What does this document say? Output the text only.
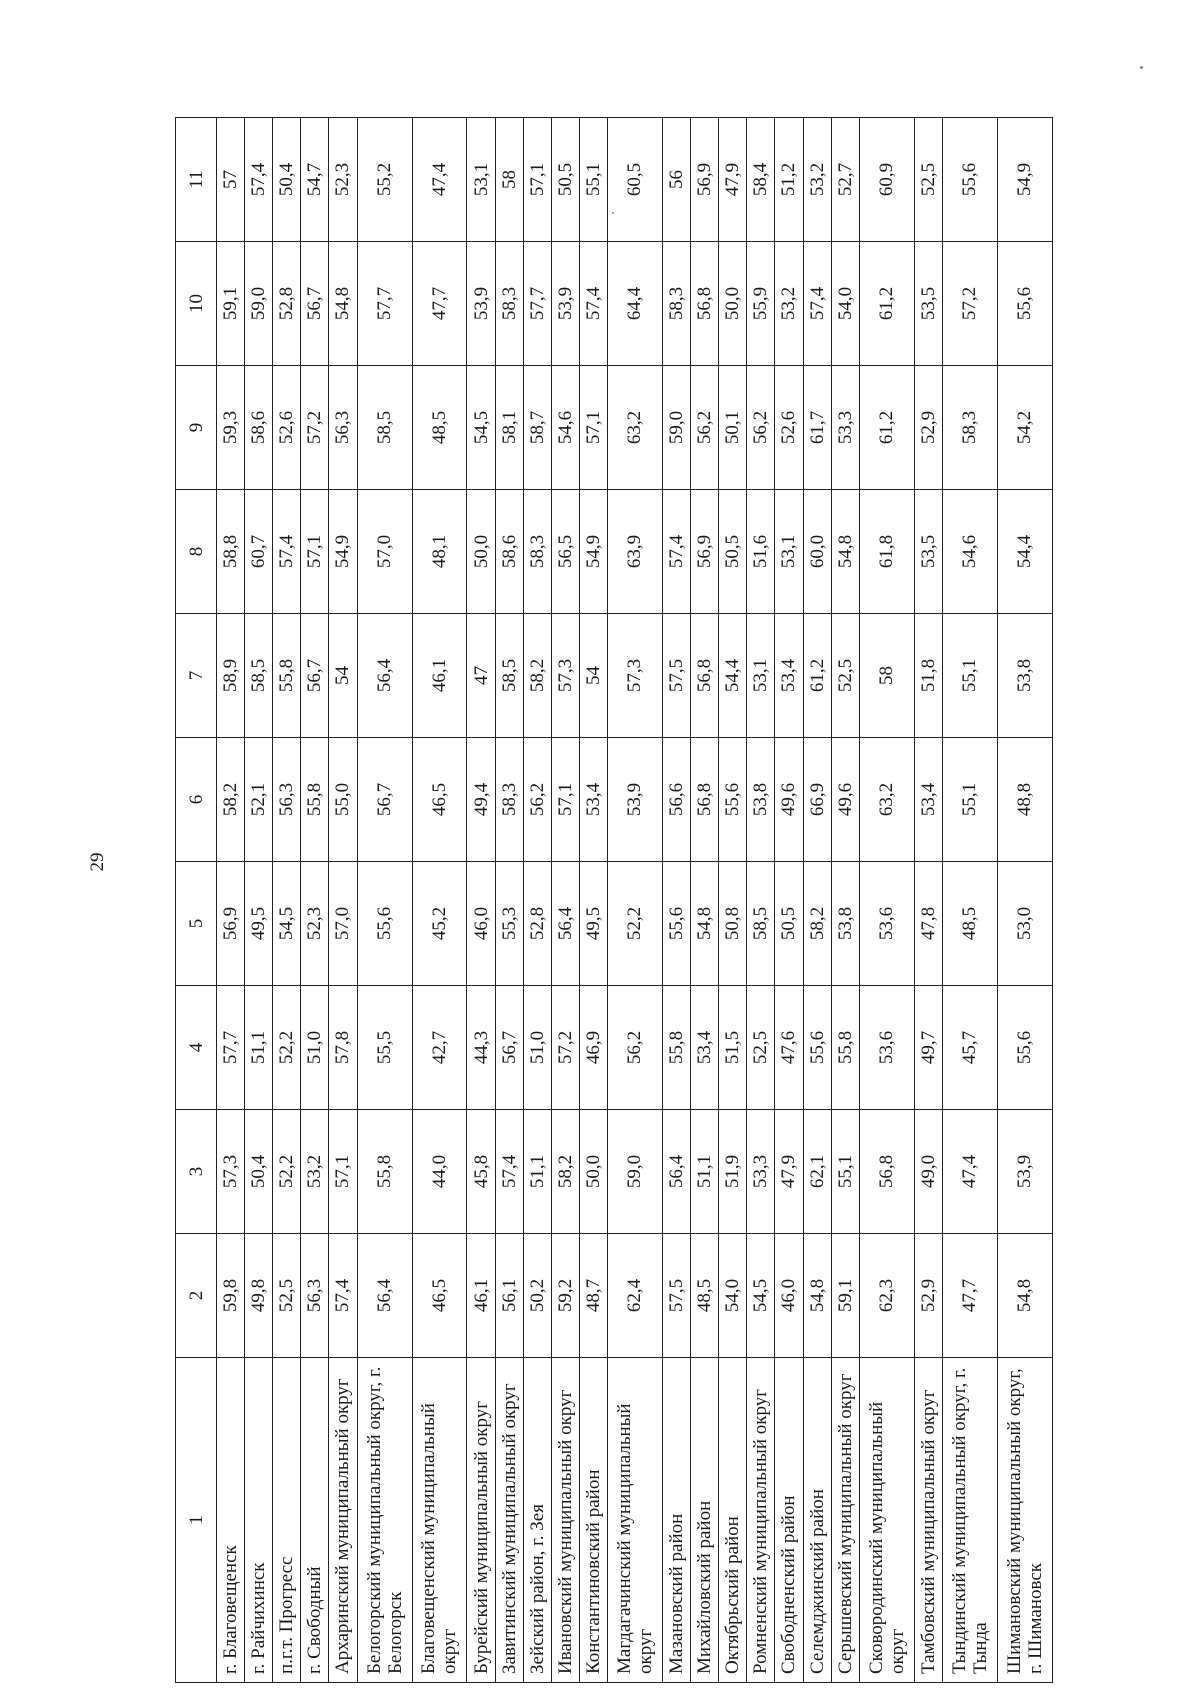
29
1	2	3	4	5	6	7	8	9	10	11
г. Благовещенск	59,8	57,3	57,7	56,9	58,2	58,9	58,8	59,3	59,1	57
г. Райчихинск	49,8	50,4	51,1	49,5	52,1	58,5	60,7	58,6	59,0	57,4
п.г.т. Прогресс	52,5	52,2	52,2	54,5	56,3	55,8	57,4	52,6	52,8	50,4
г. Свободный	56,3	53,2	51,0	52,3	55,8	56,7	57,1	57,2	56,7	54,7
Архаринский муниципальный округ	57,4	57,1	57,8	57,0	55,0	54	54,9	56,3	54,8	52,3
Белогорский муниципальный округ, г. Белогорск	56,4	55,8	55,5	55,6	56,7	56,4	57,0	58,5	57,7	55,2
Благовещенский муниципальный округ	46,5	44,0	42,7	45,2	46,5	46,1	48,1	48,5	47,7	47,4
Бурейский муниципальный округ	46,1	45,8	44,3	46,0	49,4	47	50,0	54,5	53,9	53,1
Завитинский муниципальный округ	56,1	57,4	56,7	55,3	58,3	58,5	58,6	58,1	58,3	58
Зейский район, г. Зея	50,2	51,1	51,0	52,8	56,2	58,2	58,3	58,7	57,7	57,1
Ивановский муниципальный округ	59,2	58,2	57,2	56,4	57,1	57,3	56,5	54,6	53,9	50,5
Константиновский район	48,7	50,0	46,9	49,5	53,4	54	54,9	57,1	57,4	55,1
Магдагачинский муниципальный округ	62,4	59,0	56,2	52,2	53,9	57,3	63,9	63,2	64,4	60,5
Мазановский район	57,5	56,4	55,8	55,6	56,6	57,5	57,4	59,0	58,3	56
Михайловский район	48,5	51,1	53,4	54,8	56,8	56,8	56,9	56,2	56,8	56,9
Октябрьский район	54,0	51,9	51,5	50,8	55,6	54,4	50,5	50,1	50,0	47,9
Ромненский муниципальный округ	54,5	53,3	52,5	58,5	53,8	53,1	51,6	56,2	55,9	58,4
Свободненский район	46,0	47,9	47,6	50,5	49,6	53,4	53,1	52,6	53,2	51,2
Селемджинский район	54,8	62,1	55,6	58,2	66,9	61,2	60,0	61,7	57,4	53,2
Серышевский муниципальный округ	59,1	55,1	55,8	53,8	49,6	52,5	54,8	53,3	54,0	52,7
Сковородинский муниципальный округ	62,3	56,8	53,6	53,6	63,2	58	61,8	61,2	61,2	60,9
Тамбовский муниципальный округ	52,9	49,0	49,7	47,8	53,4	51,8	53,5	52,9	53,5	52,5
Тындинский муниципальный округ, г. Тында	47,7	47,4	45,7	48,5	55,1	55,1	54,6	58,3	57,2	55,6
Шимановский муниципальный округ, г. Шимановск	54,8	53,9	55,6	53,0	48,8	53,8	54,4	54,2	55,6	54,9
